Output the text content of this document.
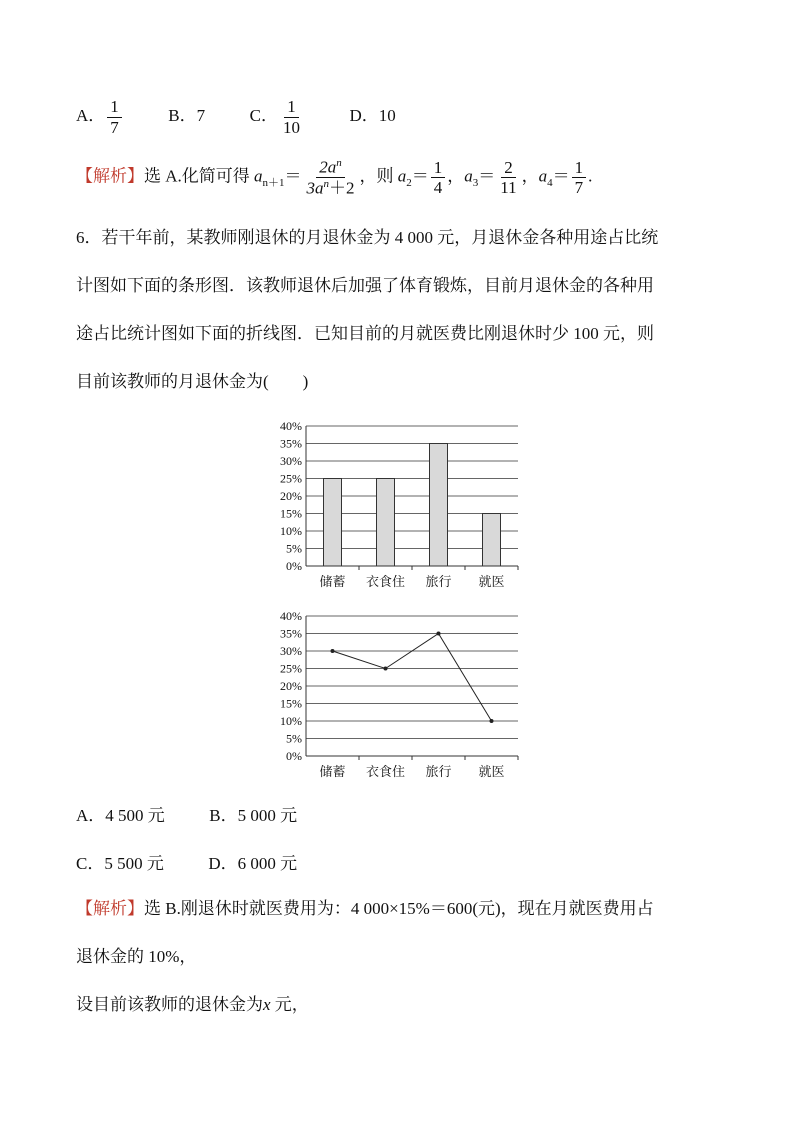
A． $\frac{1}{7}$	B．7	C． $\frac{1}{10}$	D．10
【解析】选 A.化简可得 $a_{n+1}= \frac{2a^n}{3a^n+2}$ ，则 $a_2= \frac{1}{4}$ ，$a_3= \frac{2}{11}$ ，$a_4= \frac{1}{7}$ .
6．若干年前，某教师刚退休的月退休金为 4 000 元，月退休金各种用途占比统
计图如下面的条形图．该教师退休后加强了体育锻炼，目前月退休金的各种用
途占比统计图如下面的折线图．已知目前的月就医费比刚退休时少 100 元，则
目前该教师的月退休金为(　　)
0%
5%
10%
15%
20%
25%
30%
35%
40%
储蓄 衣食住 旅行 就医
0%
5%
10%
15%
20%
25%
30%
35%
40%
储蓄 衣食住 旅行 就医
A．4 500 元	B．5 000 元
C．5 500 元	D．6 000 元
【解析】选 B.刚退休时就医费用为：4 000×15%＝600(元)，现在月就医费用占
退休金的 10%，
设目前该教师的退休金为x 元，
